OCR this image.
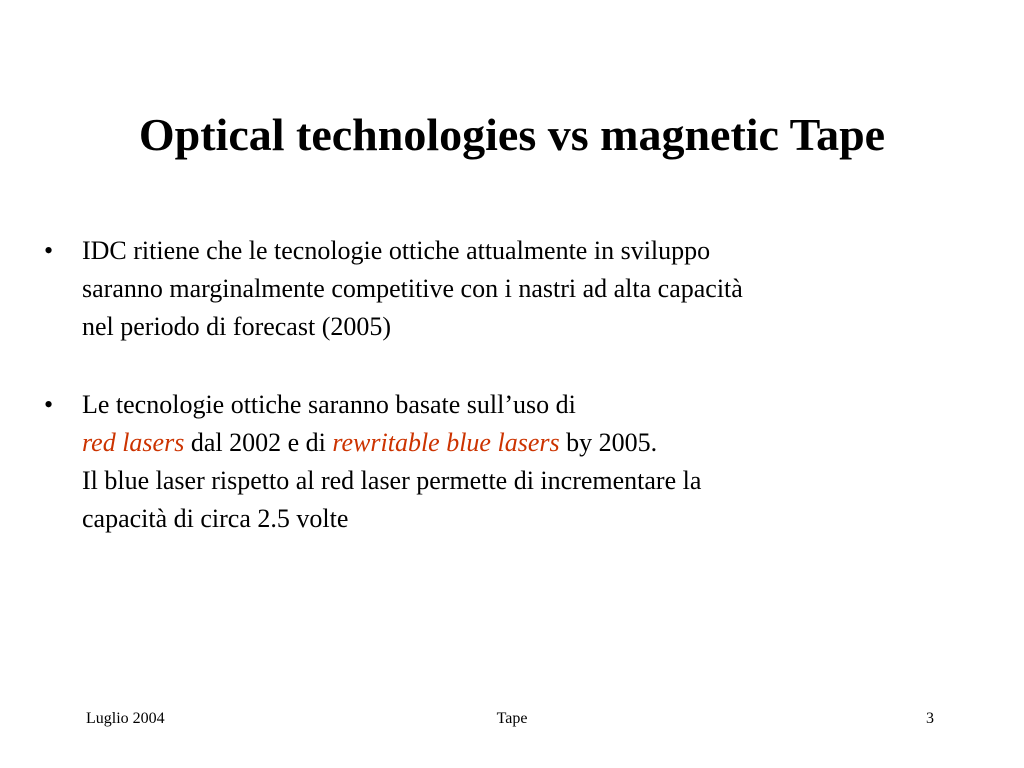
Optical technologies vs magnetic Tape
• IDC ritiene che le tecnologie ottiche attualmente in sviluppo
saranno marginalmente competitive con i nastri ad alta capacità
nel periodo di forecast (2005)
• Le tecnologie ottiche saranno basate sull’uso di
red lasers dal 2002 e di rewritable blue lasers by 2005.
Il blue laser rispetto al red laser permette di incrementare la
capacità di circa 2.5 volte
Luglio 2004	Tape	3
